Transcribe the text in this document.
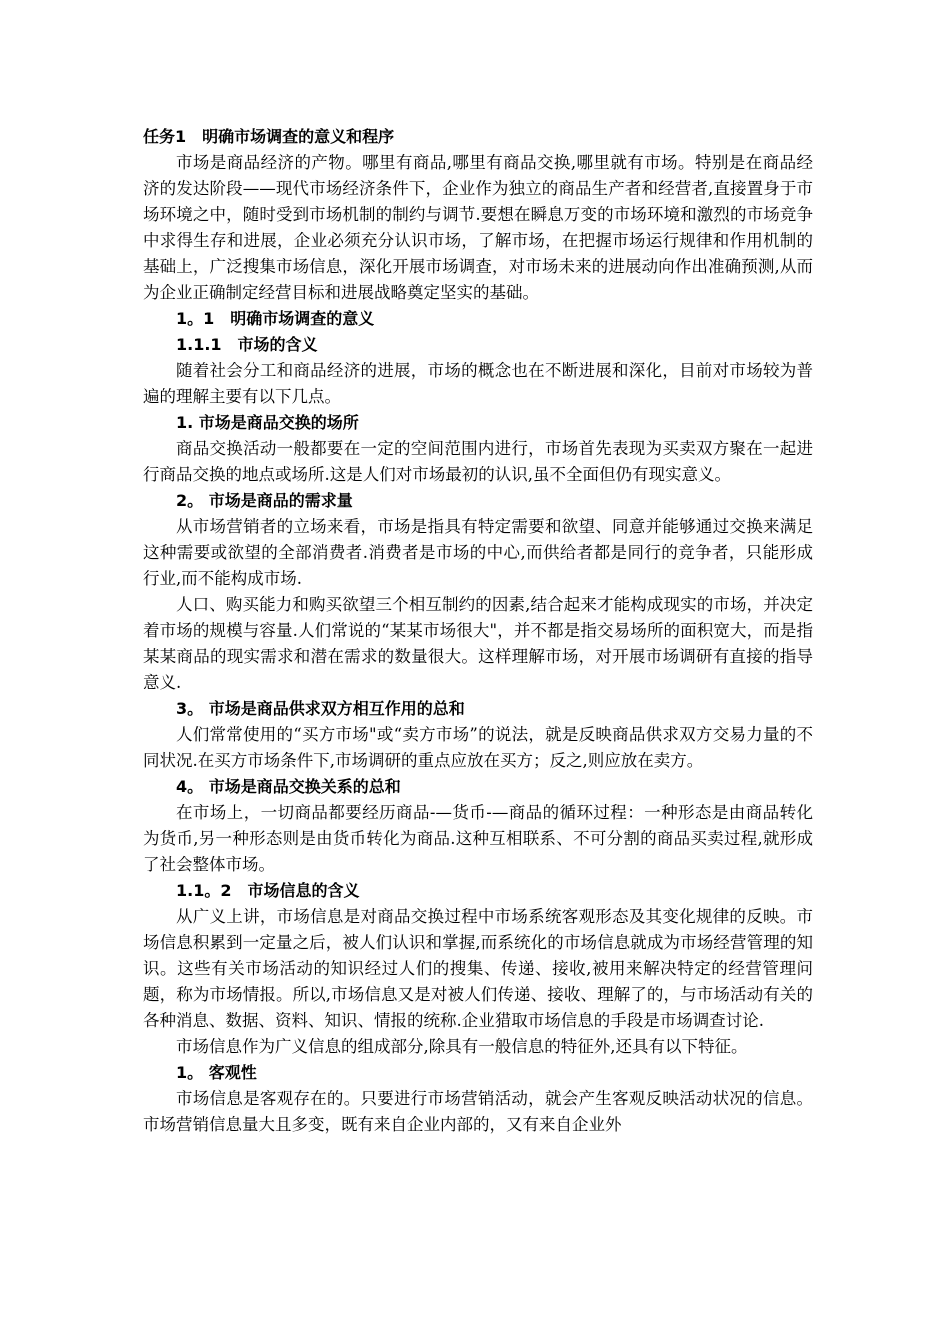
任务1　明确市场调查的意义和程序

市场是商品经济的产物。哪里有商品,哪里有商品交换,哪里就有市场。特别是在商品经济的发达阶段——现代市场经济条件下，企业作为独立的商品生产者和经营者,直接置身于市场环境之中，随时受到市场机制的制约与调节.要想在瞬息万变的市场环境和激烈的市场竞争中求得生存和进展，企业必须充分认识市场，了解市场，在把握市场运行规律和作用机制的基础上，广泛搜集市场信息，深化开展市场调查，对市场未来的进展动向作出准确预测,从而为企业正确制定经营目标和进展战略奠定坚实的基础。

1。1　明确市场调查的意义

1.1.1　市场的含义

随着社会分工和商品经济的进展，市场的概念也在不断进展和深化，目前对市场较为普遍的理解主要有以下几点。

1. 市场是商品交换的场所

商品交换活动一般都要在一定的空间范围内进行，市场首先表现为买卖双方聚在一起进行商品交换的地点或场所.这是人们对市场最初的认识,虽不全面但仍有现实意义。

2。 市场是商品的需求量

从市场营销者的立场来看，市场是指具有特定需要和欲望、同意并能够通过交换来满足这种需要或欲望的全部消费者.消费者是市场的中心,而供给者都是同行的竞争者，只能形成行业,而不能构成市场.

人口、购买能力和购买欲望三个相互制约的因素,结合起来才能构成现实的市场，并决定着市场的规模与容量.人们常说的“某某市场很大"，并不都是指交易场所的面积宽大，而是指某某商品的现实需求和潜在需求的数量很大。这样理解市场，对开展市场调研有直接的指导意义.

3。 市场是商品供求双方相互作用的总和

人们常常使用的“买方市场"或“卖方市场”的说法，就是反映商品供求双方交易力量的不同状况.在买方市场条件下,市场调研的重点应放在买方；反之,则应放在卖方。

4。 市场是商品交换关系的总和

在市场上，一切商品都要经历商品-—货币-—商品的循环过程：一种形态是由商品转化为货币,另一种形态则是由货币转化为商品.这种互相联系、不可分割的商品买卖过程,就形成了社会整体市场。

1.1。2　市场信息的含义

从广义上讲，市场信息是对商品交换过程中市场系统客观形态及其变化规律的反映。市场信息积累到一定量之后，被人们认识和掌握,而系统化的市场信息就成为市场经营管理的知识。这些有关市场活动的知识经过人们的搜集、传递、接收,被用来解决特定的经营管理问题，称为市场情报。所以,市场信息又是对被人们传递、接收、理解了的，与市场活动有关的各种消息、数据、资料、知识、情报的统称.企业猎取市场信息的手段是市场调查讨论.

市场信息作为广义信息的组成部分,除具有一般信息的特征外,还具有以下特征。

1。 客观性

市场信息是客观存在的。只要进行市场营销活动，就会产生客观反映活动状况的信息。市场营销信息量大且多变，既有来自企业内部的，又有来自企业外
